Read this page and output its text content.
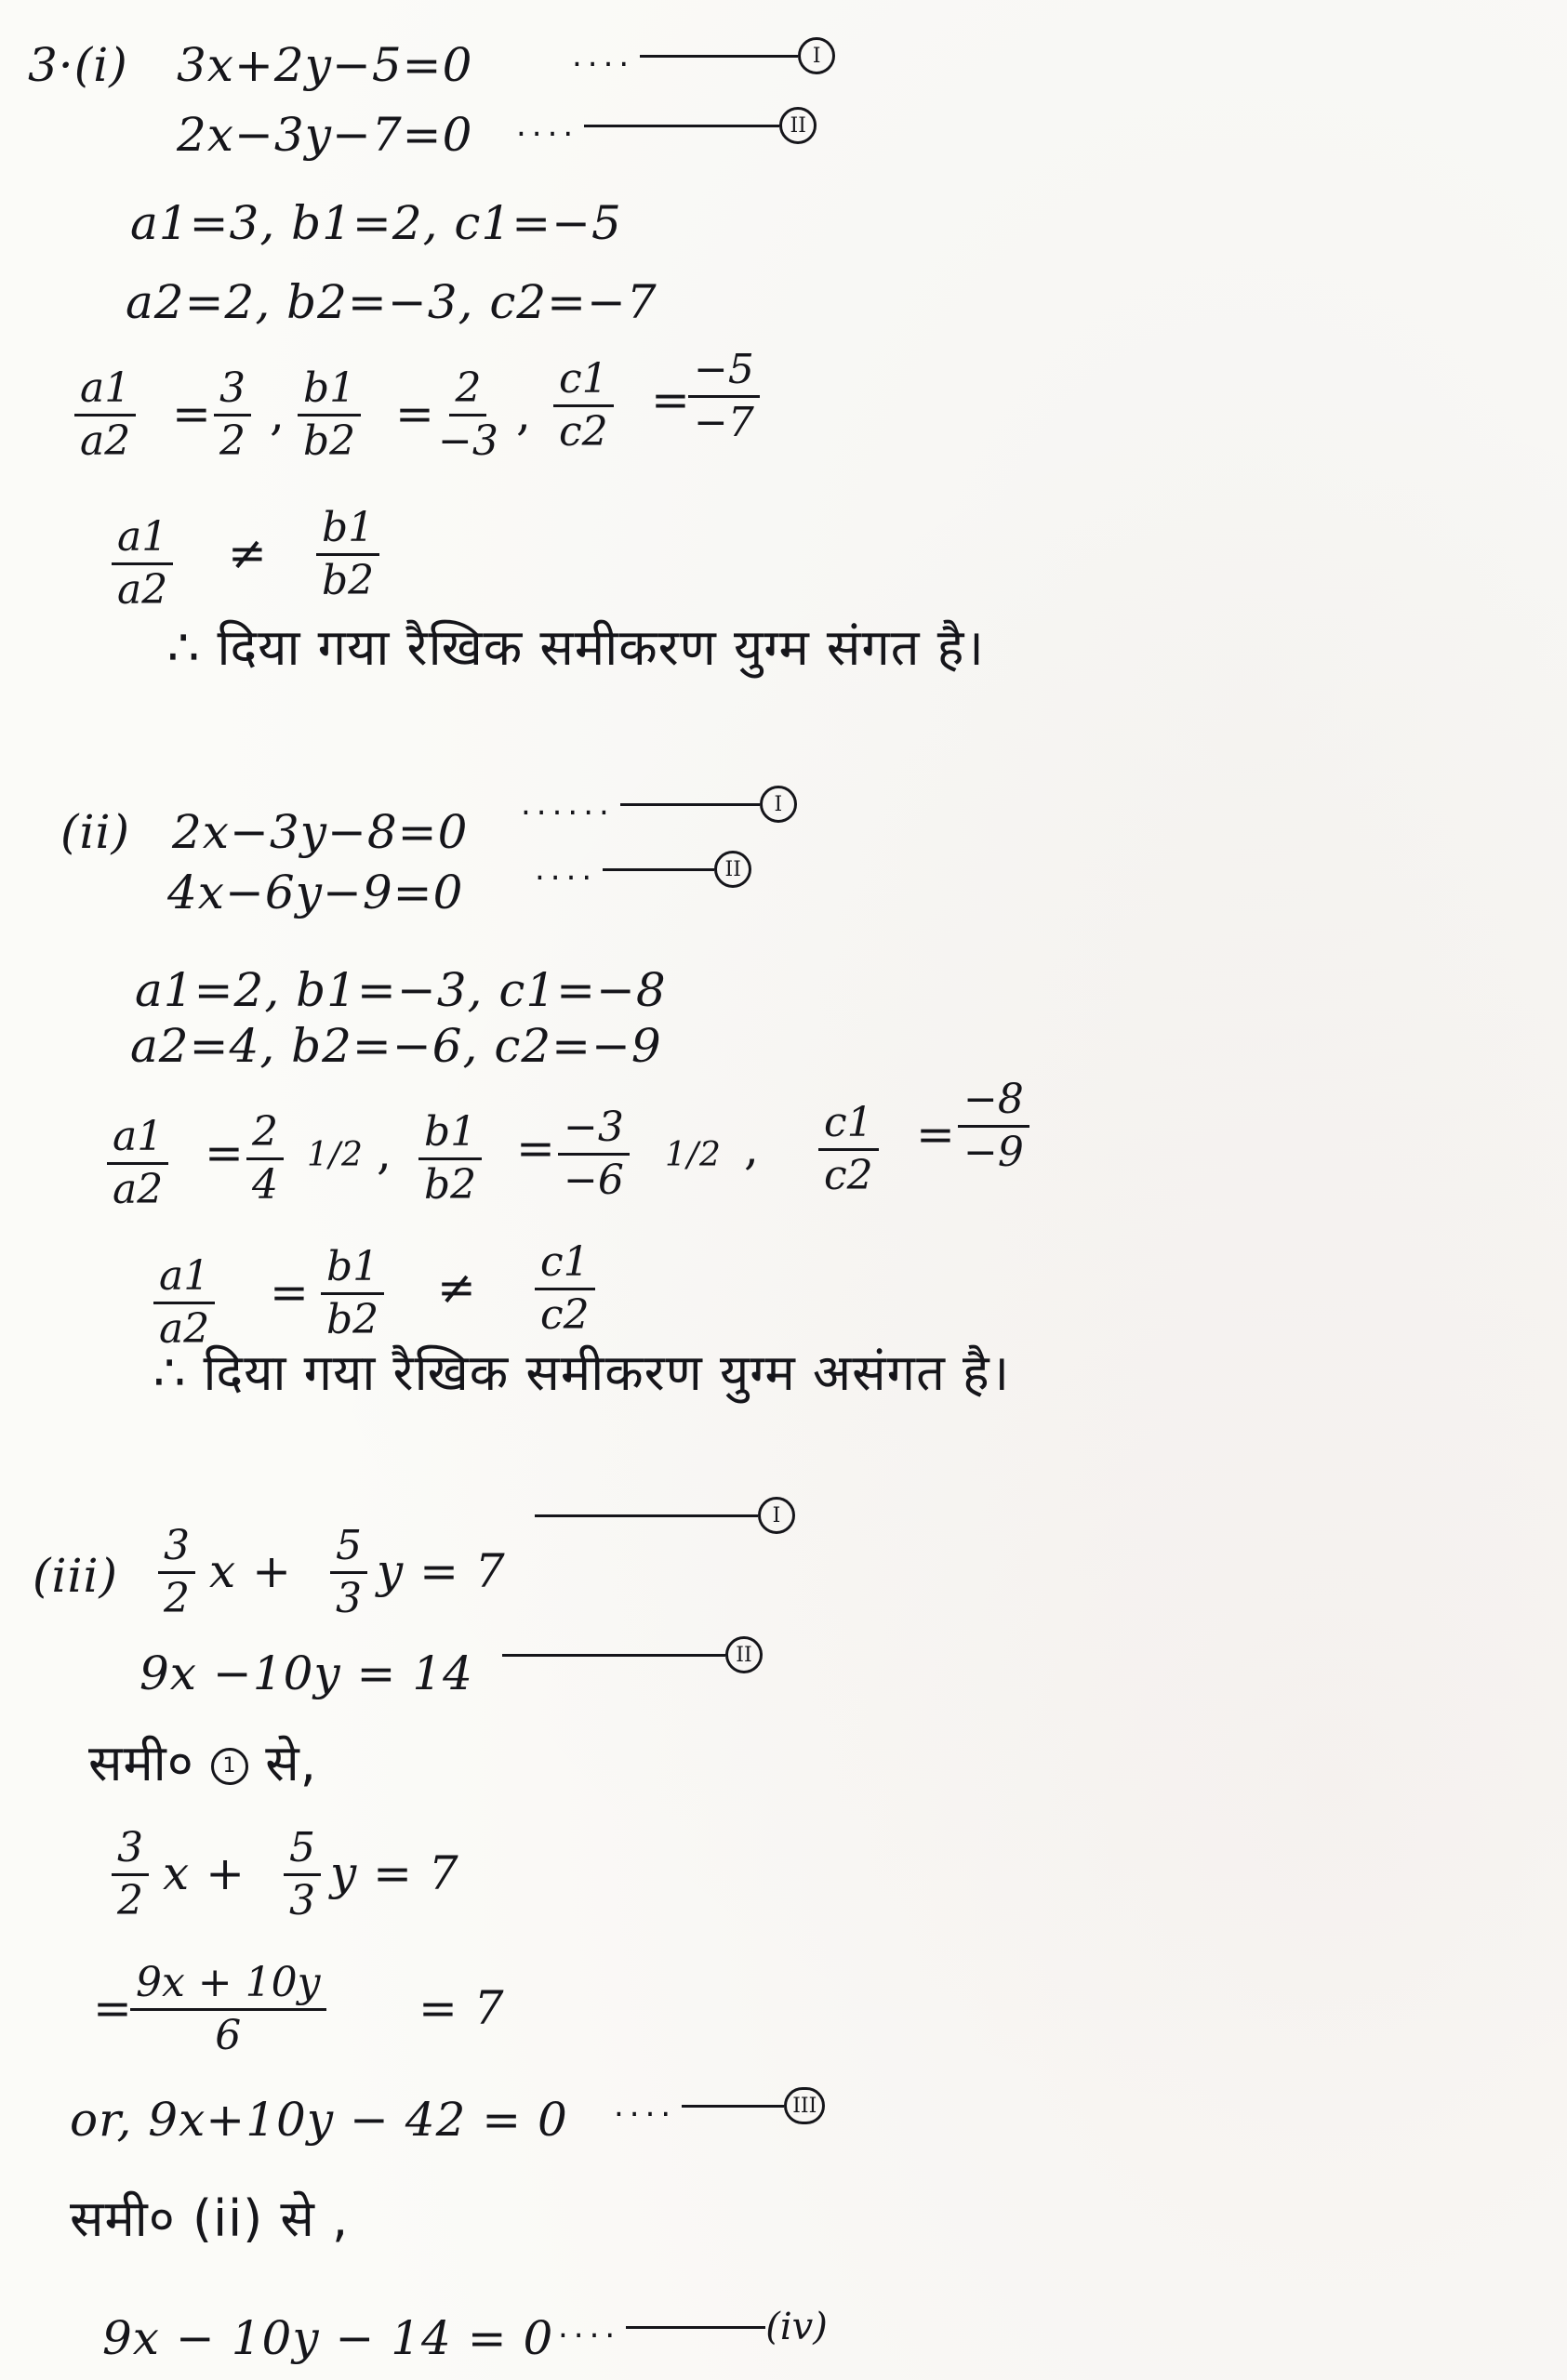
3·(i) 3x+2y−5=0	....	I
2x−3y−7=0 ....	II
a1=3, b1=2, c1=−5
a2=2, b2=−3, c2=−7
$\frac{a1}{a2} = \frac{3}{2}$ , $\frac{b1}{b2}$ =
$\frac{2}{-3}$ , $\frac{c1}{c2}$ =
$\frac{-5}{-7}$
$\frac{a1}{a2} \ne \frac{b1}{b2}$
∴ दिया गया रैखिक समीकरण युग्म संगत है।
(ii) 2x−3y−8=0
......	I
4x−6y−9=0 ....	II
a1=2, b1=−3, c1=−8
a2=4, b2=−6, c2=−9
$\frac{a1}{a2} = \frac{2}{4} 1/2$ , $\frac{b1}{b2} = \frac{-3}{-6} 1/2$ , $\frac{c1}{c2} = \frac{-8}{-9}$
$\frac{a1}{a2} = \frac{b1}{b2} \ne \frac{c1}{c2}$
∴ दिया गया रैखिक समीकरण युग्म असंगत है।
$(iii) \frac{3}{2}$ $x + \frac{5}{3}$ y = 7
I
9x −10y = 14	II
समी० 1 से,
$\frac{3}{2}$ $x + \frac{5}{3}$ y = 7
=
$\frac{9x + 10y}{6} = 7$
or, 9x+10y − 42 = 0 ....	III
समी० (ii) से ,
9x − 10y − 14 = 0 ....	(iv)
